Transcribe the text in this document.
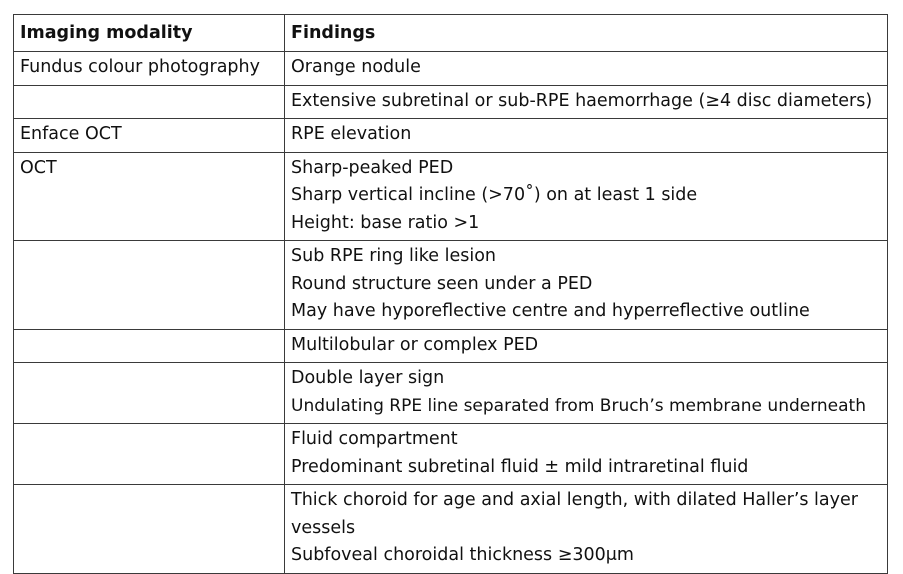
Imaging modality	Findings

Fundus colour photography	Orange nodule

	Extensive subretinal or sub-RPE haemorrhage (≥4 disc diameters)

Enface OCT	RPE elevation

OCT	Sharp-peaked PED
Sharp vertical incline (>70˚) on at least 1 side
Height: base ratio >1

	Sub RPE ring like lesion
Round structure seen under a PED
May have hyporeflective centre and hyperreflective outline

	Multilobular or complex PED

	Double layer sign
Undulating RPE line separated from Bruch’s membrane underneath

	Fluid compartment
Predominant subretinal fluid ± mild intraretinal fluid

	Thick choroid for age and axial length, with dilated Haller’s layer vessels
Subfoveal choroidal thickness ≥300μm
